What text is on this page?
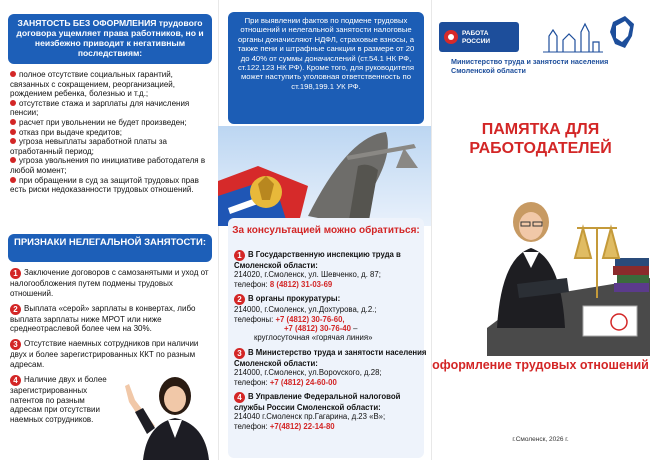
ЗАНЯТОСТЬ БЕЗ ОФОРМЛЕНИЯ трудового договора ущемляет права работников, но и неизбежно приводит к негативным последствиям:
полное отсутствие социальных гарантий, связанных с сокращением, реорганизацией, рождением ребенка, болезнью и т.д.;
отсутствие стажа и зарплаты для начисления пенсии;
расчет при увольнении не будет произведен;
отказ при выдаче кредитов;
угроза невыплаты заработной платы за отработанный период;
угроза увольнения по инициативе работодателя в любой момент;
при обращении в суд за защитой трудовых прав есть риски недоказанности трудовых отношений.
ПРИЗНАКИ НЕЛЕГАЛЬНОЙ ЗАНЯТОСТИ:
1 Заключение договоров с самозанятыми и уход от налогообложения путем подмены трудовых отношений.
2 Выплата «серой» зарплаты в конвертах, либо выплата зарплаты ниже МРОТ или ниже среднеотраслевой более чем на 30%.
3 Отсутствие наемных сотрудников при наличии двух и более зарегистрированных ККТ по разным адресам.
4 Наличие двух и более зарегистрированных патентов по разным адресам при отсутствии наемных сотрудников.
При выявлении фактов по подмене трудовых отношений и нелегальной занятости налоговые органы доначисляют НДФЛ, страховые взносы, а также пени и штрафные санкции в размере от 20 до 40% от суммы доначислений (ст.54.1 НК РФ, ст.122,123 НК РФ). Кроме того, для руководителя может наступить уголовная ответственность по ст.198,199.1 УК РФ.
За консультацией можно обратиться:
1 В Государственную инспекцию труда в Смоленской области:
214020, г.Смоленск, ул. Шевченко, д. 87;
телефон: 8 (4812) 31-03-69
2 В органы прокуратуры:
214000, г.Смоленск, ул.Дохтурова, д.2.;
телефоны: +7 (4812) 30-76-60,
+7 (4812) 30-76-40 –
круглосуточная «горячая линия»
3 В Министерство труда и занятости населения Смоленской области:
214000, г.Смоленск, ул.Ворovского, д.28;
телефон: +7 (4812) 24-60-00
4 В Управление Федеральной налоговой службы России Смоленской области:
214040 г.Смоленск пр.Гагарина, д.23 «В»;
телефон: +7(4812) 22-14-80
РАБОТА
РОССИИ
Министерство труда и занятости населения Смоленской области
ПАМЯТКА ДЛЯ РАБОТОДАТЕЛЕЙ
оформление трудовых отношений
г.Смоленск, 2026 г.
